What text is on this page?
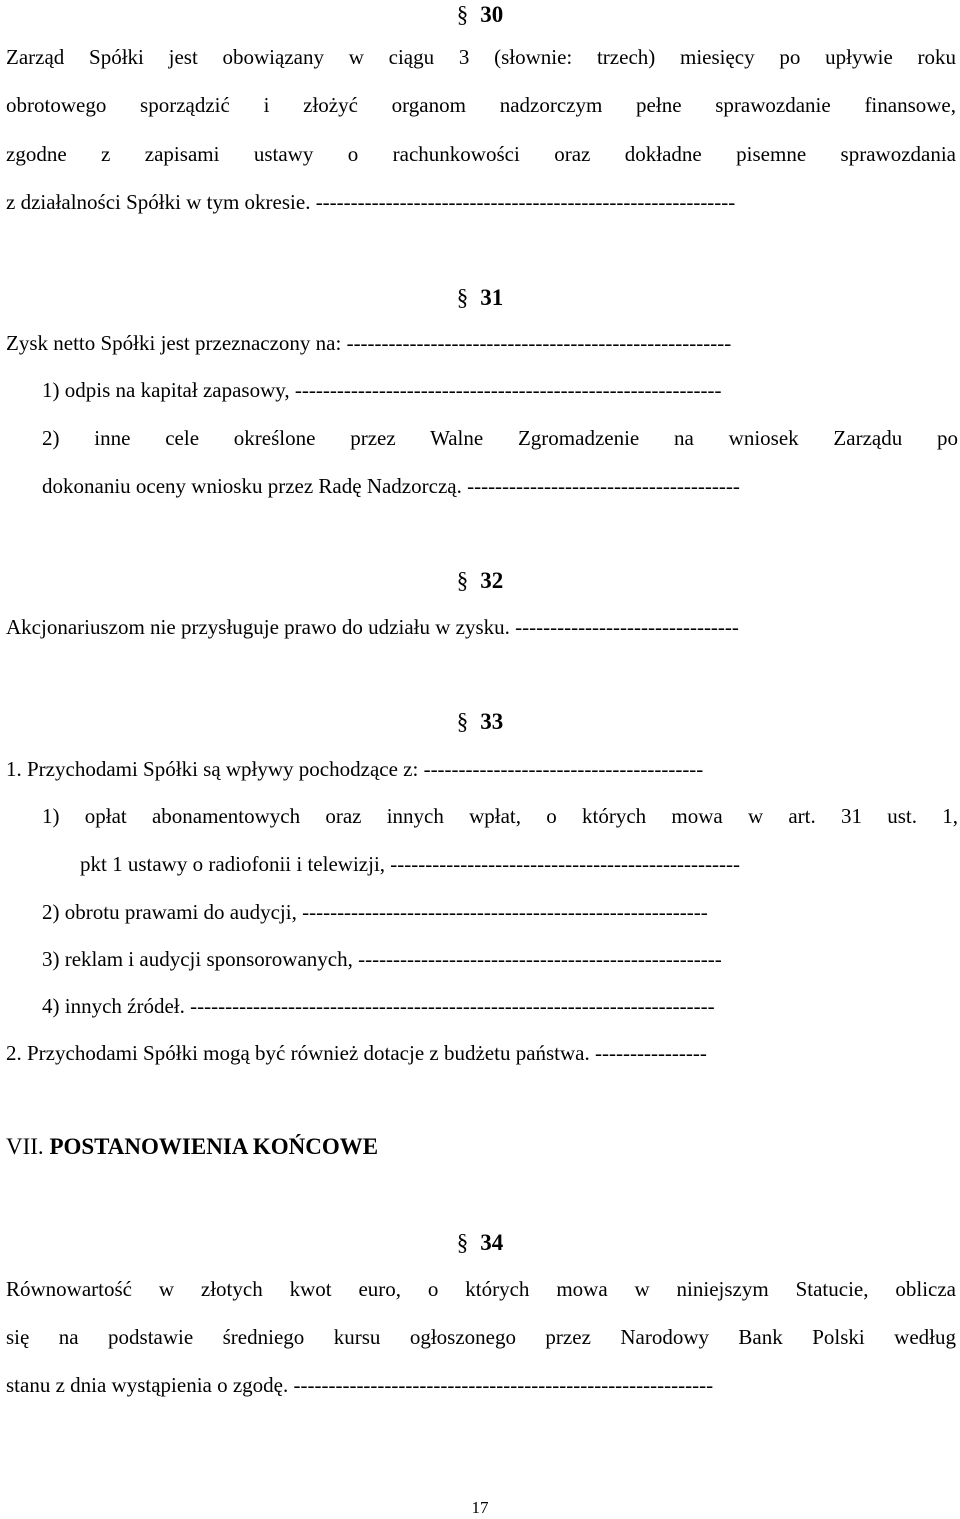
§ 30
Zarząd Spółki jest obowiązany w ciągu 3 (słownie: trzech) miesięcy po upływie roku
obrotowego sporządzić i złożyć organom nadzorczym pełne sprawozdanie finansowe,
zgodne z zapisami ustawy o rachunkowości oraz dokładne pisemne sprawozdania
z działalności Spółki w tym okresie. ------------------------------------------------------------
§ 31
Zysk netto Spółki jest przeznaczony na: -------------------------------------------------------
1) odpis na kapitał zapasowy, -------------------------------------------------------------
2) inne cele określone przez Walne Zgromadzenie na wniosek Zarządu po
dokonaniu oceny wniosku przez Radę Nadzorczą. ---------------------------------------
§ 32
Akcjonariuszom nie przysługuje prawo do udziału w zysku. --------------------------------
§ 33
1. Przychodami Spółki są wpływy pochodzące z: ----------------------------------------
1) opłat abonamentowych oraz innych wpłat, o których mowa w art. 31 ust. 1,
pkt 1 ustawy o radiofonii i telewizji, --------------------------------------------------
2) obrotu prawami do audycji, ----------------------------------------------------------
3) reklam i audycji sponsorowanych, ----------------------------------------------------
4) innych źródeł. ---------------------------------------------------------------------------
2. Przychodami Spółki mogą być również dotacje z budżetu państwa. ----------------
VII. POSTANOWIENIA KOŃCOWE
§ 34
Równowartość w złotych kwot euro, o których mowa w niniejszym Statucie, oblicza
się na podstawie średniego kursu ogłoszonego przez Narodowy Bank Polski według
stanu z dnia wystąpienia o zgodę. ------------------------------------------------------------
17
